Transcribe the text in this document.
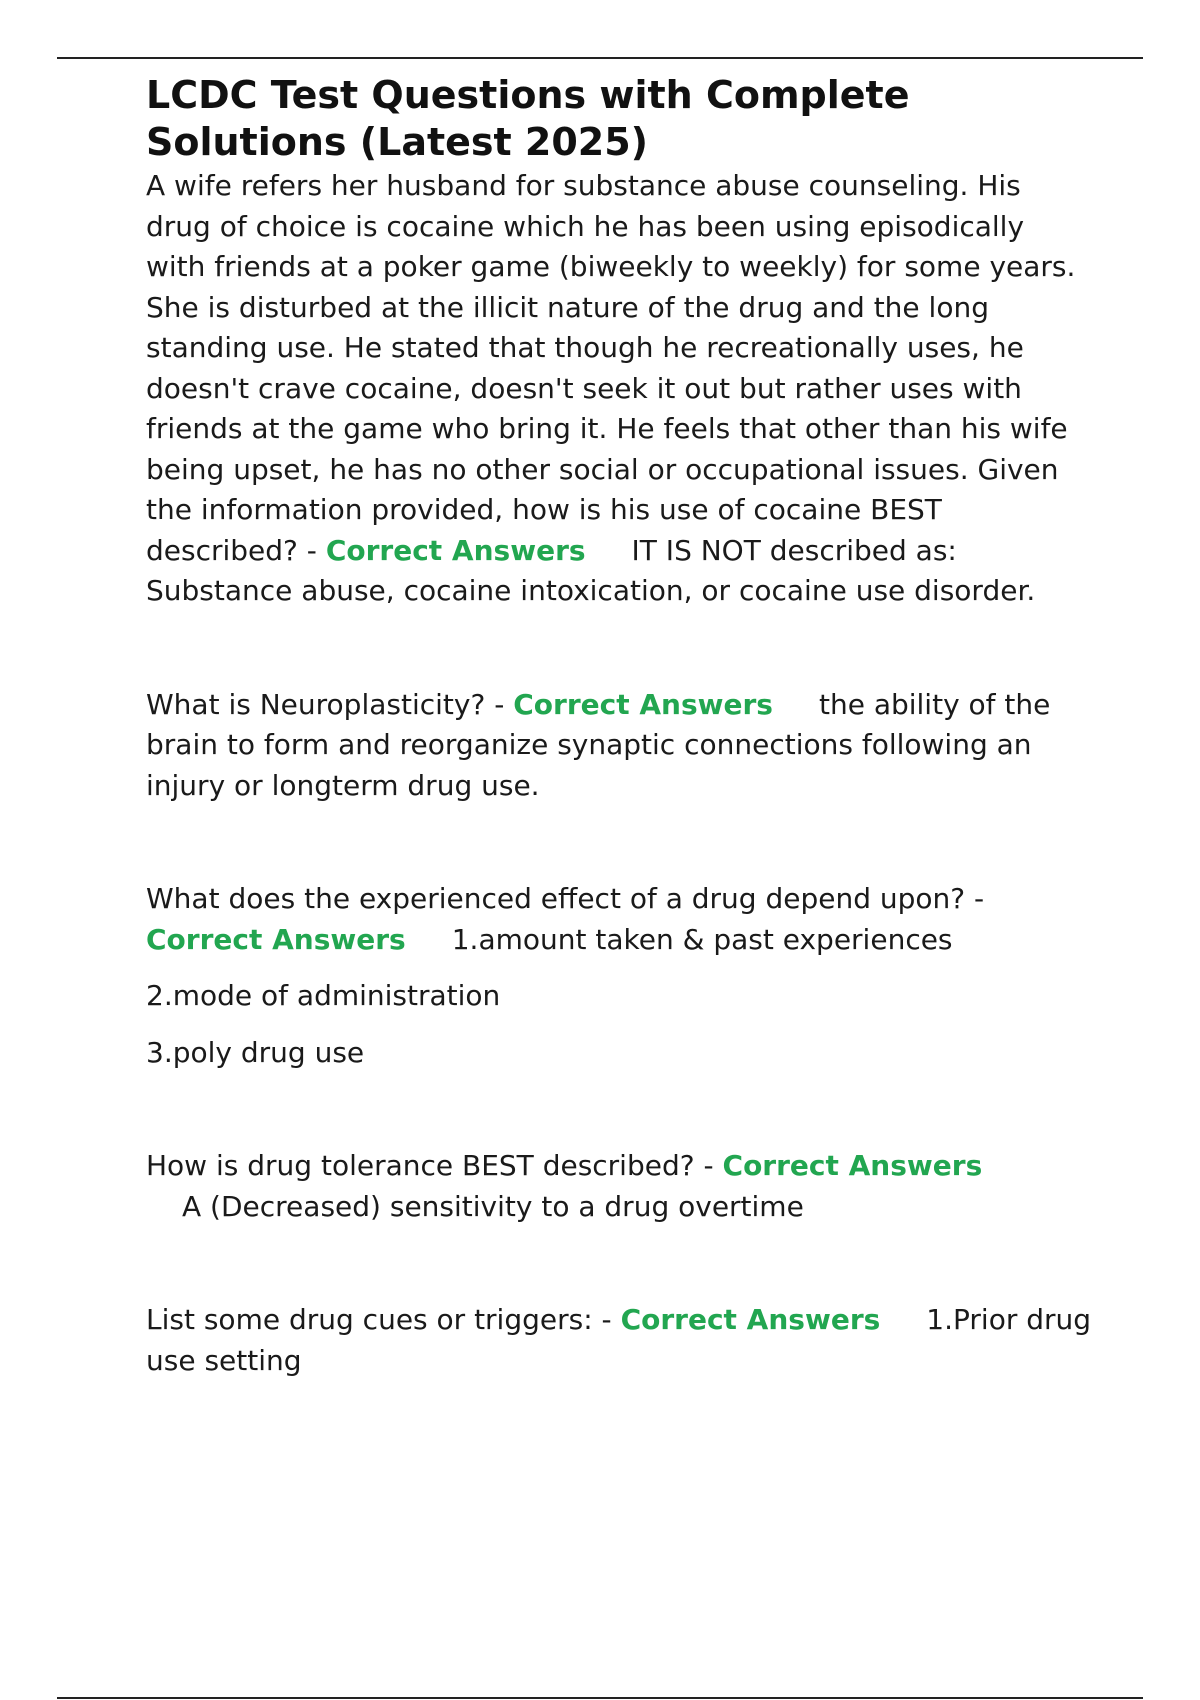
LCDC Test Questions with Complete Solutions (Latest 2025)

A wife refers her husband for substance abuse counseling. His drug of choice is cocaine which he has been using episodically with friends at a poker game (biweekly to weekly) for some years. She is disturbed at the illicit nature of the drug and the long standing use. He stated that though he recreationally uses, he doesn't crave cocaine, doesn't seek it out but rather uses with friends at the game who bring it. He feels that other than his wife being upset, he has no other social or occupational issues. Given the information provided, how is his use of cocaine BEST described? - Correct Answers IT IS NOT described as: Substance abuse, cocaine intoxication, or cocaine use disorder.

What is Neuroplasticity? - Correct Answers the ability of the brain to form and reorganize synaptic connections following an injury or longterm drug use.

What does the experienced effect of a drug depend upon? - Correct Answers 1.amount taken & past experiences

2.mode of administration

3.poly drug use

How is drug tolerance BEST described? - Correct Answers
A (Decreased) sensitivity to a drug overtime

List some drug cues or triggers: - Correct Answers 1.Prior drug use setting
